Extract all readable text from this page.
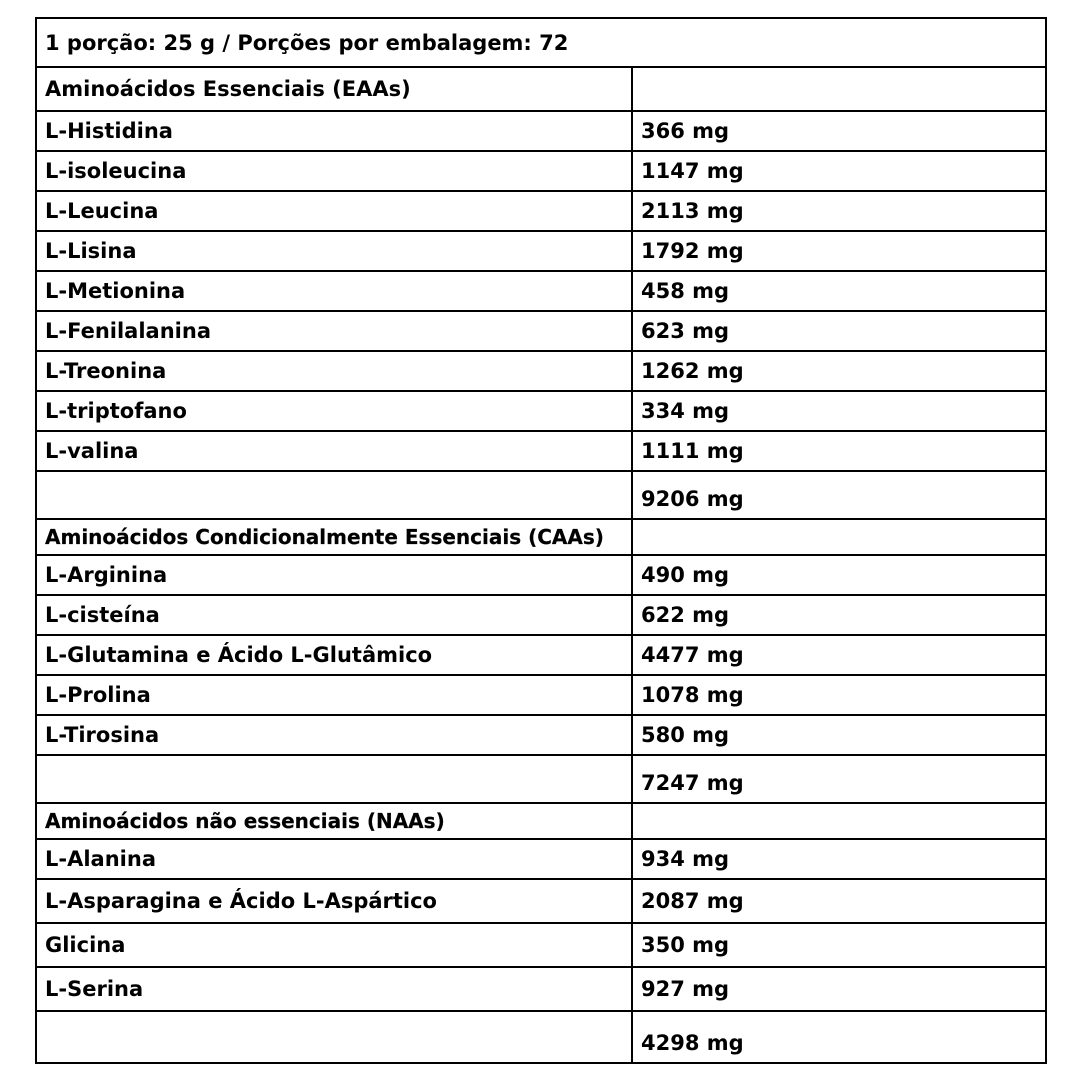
1 porção: 25 g / Porções por embalagem: 72	
Aminoácidos Essenciais (EAAs)	
L-Histidina	366 mg
L-isoleucina	1147 mg
L-Leucina	2113 mg
L-Lisina	1792 mg
L-Metionina	458 mg
L-Fenilalanina	623 mg
L-Treonina	1262 mg
L-triptofano	334 mg
L-valina	1111 mg
	9206 mg
Aminoácidos Condicionalmente Essenciais (CAAs)	
L-Arginina	490 mg
L-cisteína	622 mg
L-Glutamina e Ácido L-Glutâmico	4477 mg
L-Prolina	1078 mg
L-Tirosina	580 mg
	7247 mg
Aminoácidos não essenciais (NAAs)	
L-Alanina	934 mg
L-Asparagina e Ácido L-Aspártico	2087 mg
Glicina	350 mg
L-Serina	927 mg
	4298 mg
